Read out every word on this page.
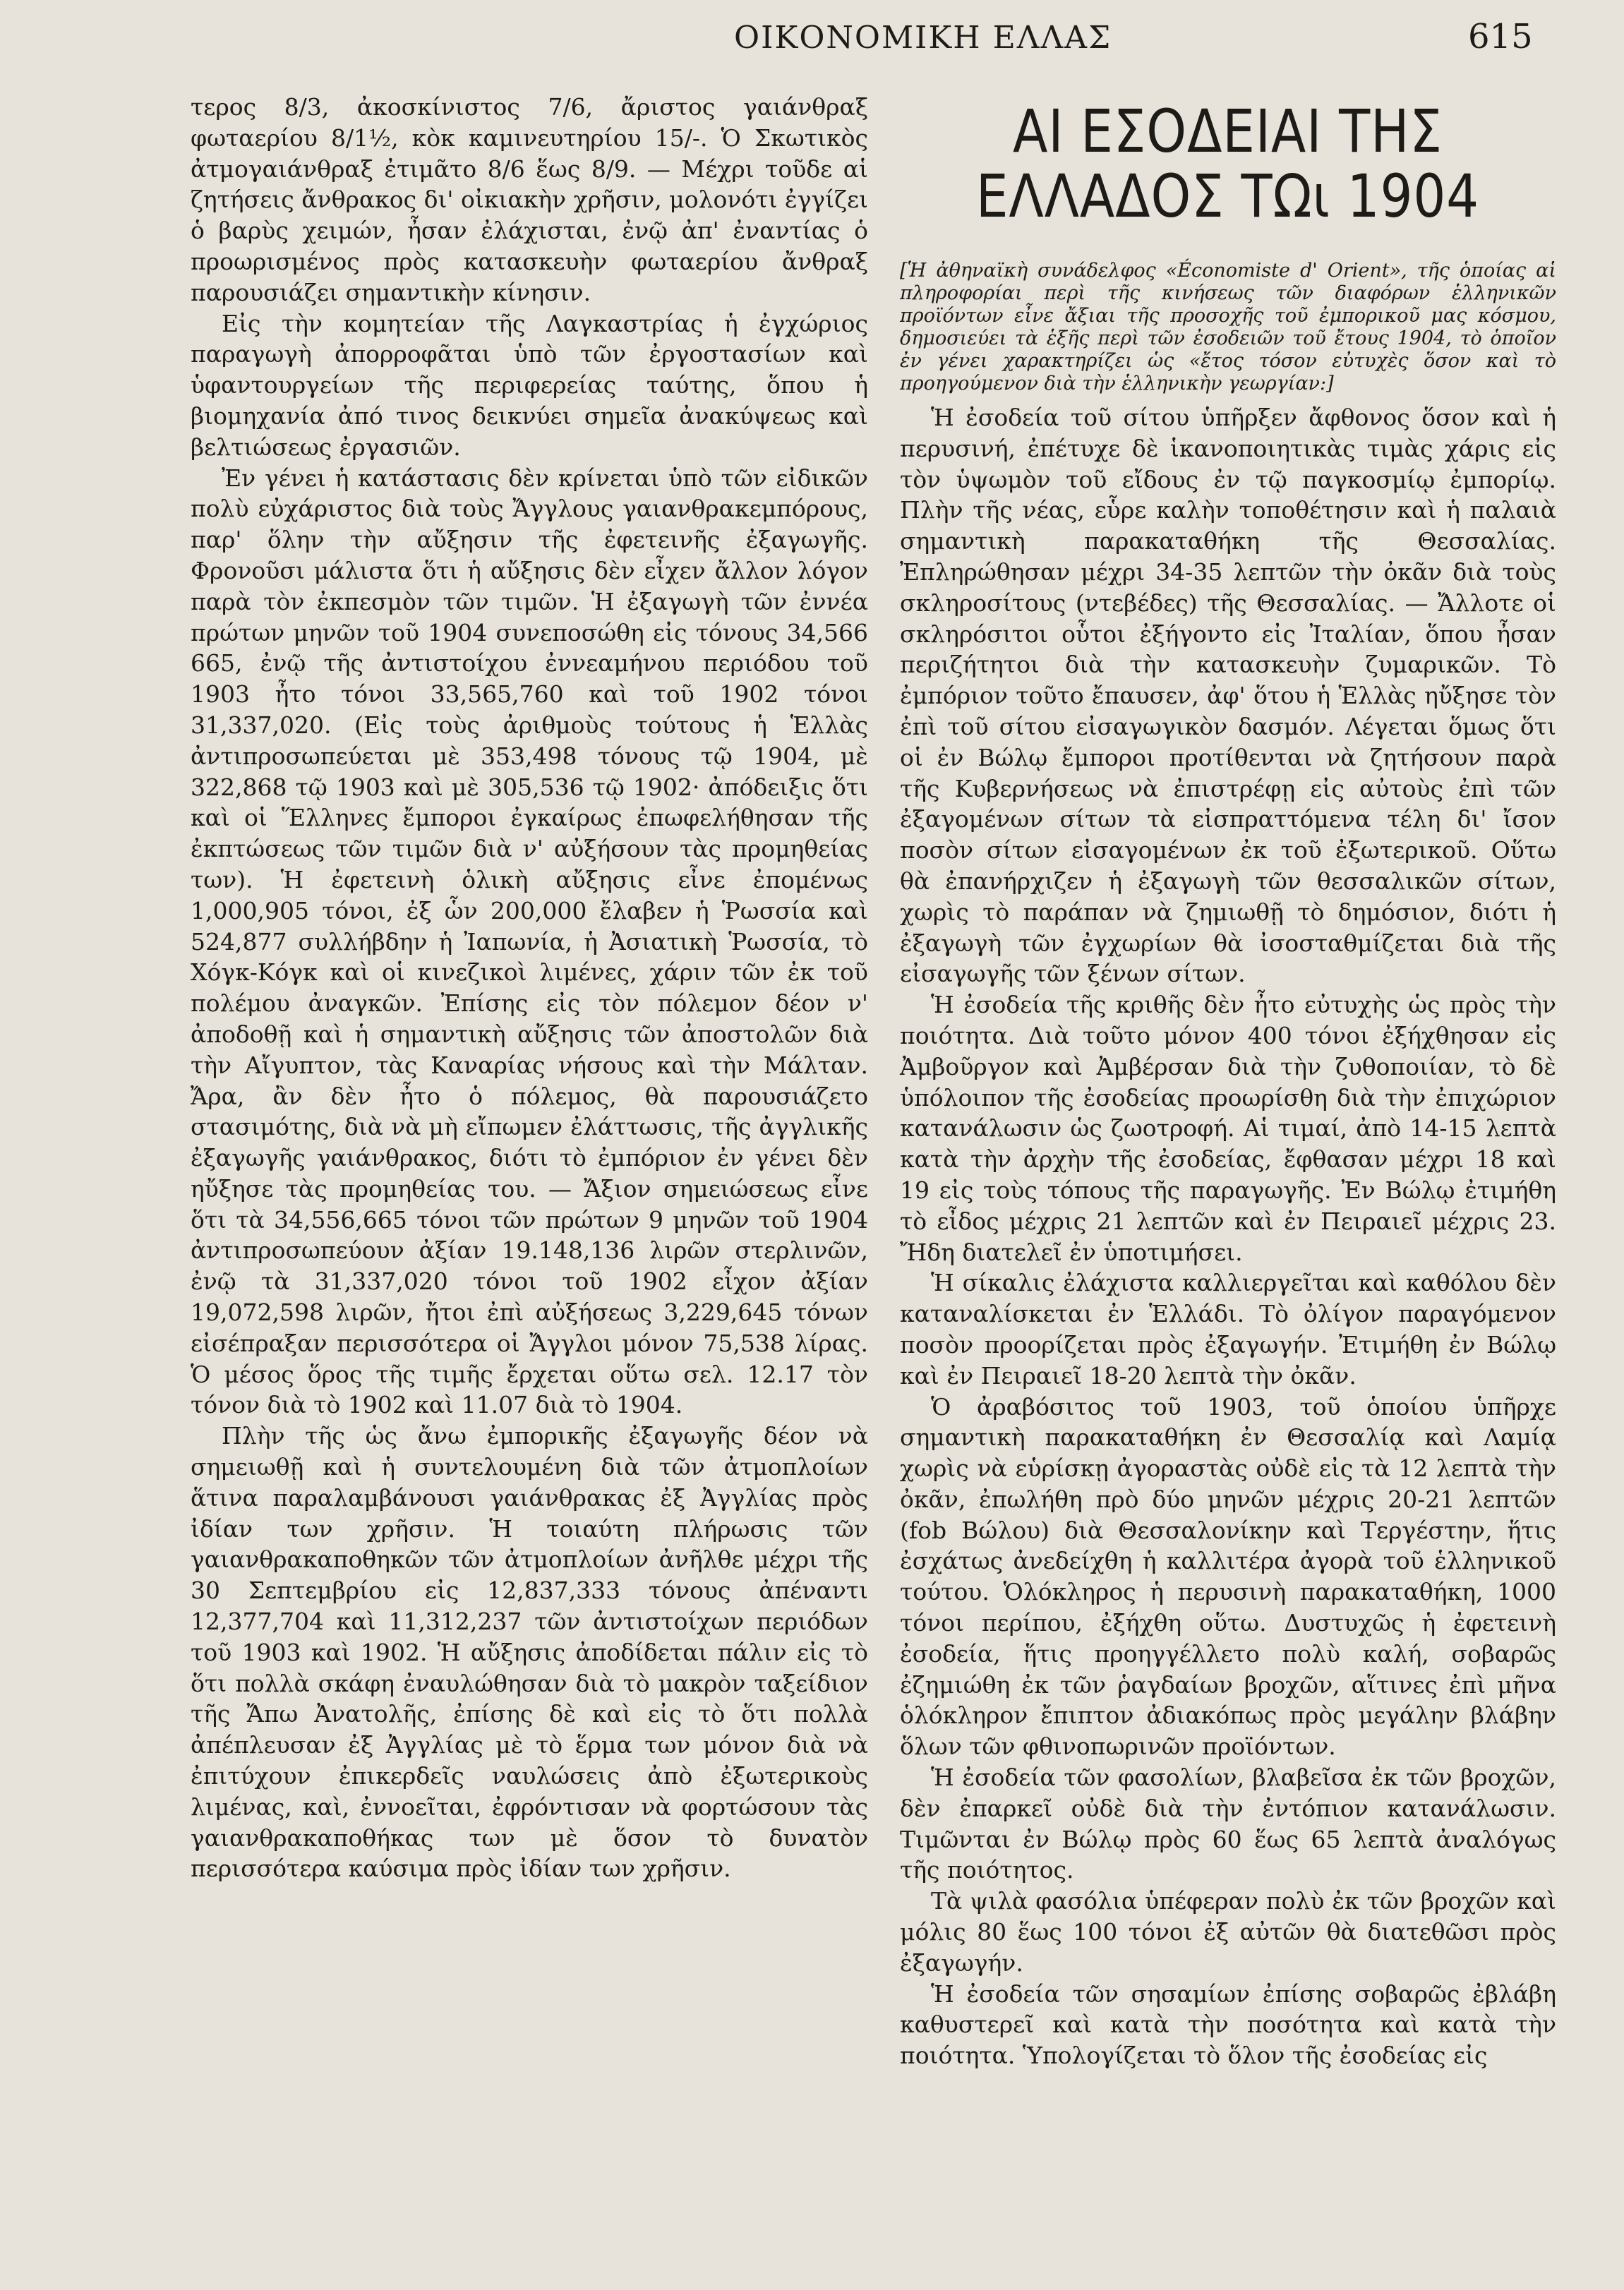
ΟΙΚΟΝΟΜΙΚΗ ΕΛΛΑΣ	615

τερος 8/3, ἀκοσκίνιστος 7/6, ἄριστος γαιάνθραξ φωταερίου 8/1½, κὸκ καμινευτηρίου 15/-. Ὁ Σκωτικὸς ἀτμογαιάνθραξ ἐτιμᾶτο 8/6 ἕως 8/9. — Μέχρι τοῦδε αἱ ζητήσεις ἄνθρακος δι' οἰκιακὴν χρῆσιν, μολονότι ἐγγίζει ὁ βαρὺς χειμών, ἦσαν ἐλάχισται, ἐνῷ ἀπ' ἐναντίας ὁ προωρισμένος πρὸς κατασκευὴν φωταερίου ἄνθραξ παρουσιάζει σημαντικὴν κίνησιν.

Εἰς τὴν κομητείαν τῆς Λαγκαστρίας ἡ ἐγχώριος παραγωγὴ ἀπορροφᾶται ὑπὸ τῶν ἐργοστασίων καὶ ὑφαντουργείων τῆς περιφερείας ταύτης, ὅπου ἡ βιομηχανία ἀπό τινος δεικνύει σημεῖα ἀνακύψεως καὶ βελτιώσεως ἐργασιῶν.

Ἐν γένει ἡ κατάστασις δὲν κρίνεται ὑπὸ τῶν εἰδικῶν πολὺ εὐχάριστος διὰ τοὺς Ἄγγλους γαιανθρακεμπόρους, παρ' ὅλην τὴν αὔξησιν τῆς ἐφετεινῆς ἐξαγωγῆς. Φρονοῦσι μάλιστα ὅτι ἡ αὔξησις δὲν εἶχεν ἄλλον λόγον παρὰ τὸν ἐκπεσμὸν τῶν τιμῶν. Ἡ ἐξαγωγὴ τῶν ἐννέα πρώτων μηνῶν τοῦ 1904 συνεποσώθη εἰς τόνους 34,566 665, ἐνῷ τῆς ἀντιστοίχου ἐννεαμήνου περιόδου τοῦ 1903 ἦτο τόνοι 33,565,760 καὶ τοῦ 1902 τόνοι 31,337,020. (Εἰς τοὺς ἀριθμοὺς τούτους ἡ Ἑλλὰς ἀντιπροσωπεύεται μὲ 353,498 τόνους τῷ 1904, μὲ 322,868 τῷ 1903 καὶ μὲ 305,536 τῷ 1902· ἀπόδειξις ὅτι καὶ οἱ Ἕλληνες ἔμποροι ἐγκαίρως ἐπωφελήθησαν τῆς ἐκπτώσεως τῶν τιμῶν διὰ ν' αὐξήσουν τὰς προμηθείας των). Ἡ ἐφετεινὴ ὁλικὴ αὔξησις εἶνε ἐπομένως 1,000,905 τόνοι, ἐξ ὧν 200,000 ἔλαβεν ἡ Ῥωσσία καὶ 524,877 συλλήβδην ἡ Ἰαπωνία, ἡ Ἀσιατικὴ Ῥωσσία, τὸ Χόγκ-Κόγκ καὶ οἱ κινεζικοὶ λιμένες, χάριν τῶν ἐκ τοῦ πολέμου ἀναγκῶν. Ἐπίσης εἰς τὸν πόλεμον δέον ν' ἀποδοθῇ καὶ ἡ σημαντικὴ αὔξησις τῶν ἀποστολῶν διὰ τὴν Αἴγυπτον, τὰς Καναρίας νήσους καὶ τὴν Μάλταν. Ἄρα, ἂν δὲν ἦτο ὁ πόλεμος, θὰ παρουσιάζετο στασιμότης, διὰ νὰ μὴ εἴπωμεν ἐλάττωσις, τῆς ἀγγλικῆς ἐξαγωγῆς γαιάνθρακος, διότι τὸ ἐμπόριον ἐν γένει δὲν ηὔξησε τὰς προμηθείας του. — Ἄξιον σημειώσεως εἶνε ὅτι τὰ 34,556,665 τόνοι τῶν πρώτων 9 μηνῶν τοῦ 1904 ἀντιπροσωπεύουν ἀξίαν 19.148,136 λιρῶν στερλινῶν, ἐνῷ τὰ 31,337,020 τόνοι τοῦ 1902 εἶχον ἀξίαν 19,072,598 λιρῶν, ἤτοι ἐπὶ αὐξήσεως 3,229,645 τόνων εἰσέπραξαν περισσότερα οἱ Ἄγγλοι μόνον 75,538 λίρας. Ὁ μέσος ὅρος τῆς τιμῆς ἔρχεται οὕτω σελ. 12.17 τὸν τόνον διὰ τὸ 1902 καὶ 11.07 διὰ τὸ 1904.

Πλὴν τῆς ὡς ἄνω ἐμπορικῆς ἐξαγωγῆς δέον νὰ σημειωθῇ καὶ ἡ συντελουμένη διὰ τῶν ἀτμοπλοίων ἅτινα παραλαμβάνουσι γαιάνθρακας ἐξ Ἀγγλίας πρὸς ἰδίαν των χρῆσιν. Ἡ τοιαύτη πλήρωσις τῶν γαιανθρακαποθηκῶν τῶν ἀτμοπλοίων ἀνῆλθε μέχρι τῆς 30 Σεπτεμβρίου εἰς 12,837,333 τόνους ἀπέναντι 12,377,704 καὶ 11,312,237 τῶν ἀντιστοίχων περιόδων τοῦ 1903 καὶ 1902. Ἡ αὔξησις ἀποδίδεται πάλιν εἰς τὸ ὅτι πολλὰ σκάφη ἐναυλώθησαν διὰ τὸ μακρὸν ταξείδιον τῆς Ἄπω Ἀνατολῆς, ἐπίσης δὲ καὶ εἰς τὸ ὅτι πολλὰ ἀπέπλευσαν ἐξ Ἀγγλίας μὲ τὸ ἕρμα των μόνον διὰ νὰ ἐπιτύχουν ἐπικερδεῖς ναυλώσεις ἀπὸ ἐξωτερικοὺς λιμένας, καὶ, ἐννοεῖται, ἐφρόντισαν νὰ φορτώσουν τὰς γαιανθρακαποθήκας των μὲ ὅσον τὸ δυνατὸν περισσότερα καύσιμα πρὸς ἰδίαν των χρῆσιν.

ΑΙ ΕΣΟΔΕΙΑΙ ΤΗΣ ΕΛΛΑΔΟΣ ΤΩι 1904

[Ἡ ἀθηναϊκὴ συνάδελφος «Économiste d' Orient», τῆς ὁποίας αἱ πληροφορίαι περὶ τῆς κινήσεως τῶν διαφόρων ἑλληνικῶν προϊόντων εἶνε ἄξιαι τῆς προσοχῆς τοῦ ἐμπορικοῦ μας κόσμου, δημοσιεύει τὰ ἑξῆς περὶ τῶν ἐσοδειῶν τοῦ ἔτους 1904, τὸ ὁποῖον ἐν γένει χαρακτηρίζει ὡς «ἔτος τόσον εὐτυχὲς ὅσον καὶ τὸ προηγούμενον διὰ τὴν ἑλληνικὴν γεωργίαν:]

Ἡ ἐσοδεία τοῦ σίτου ὑπῆρξεν ἄφθονος ὅσον καὶ ἡ περυσινή, ἐπέτυχε δὲ ἱκανοποιητικὰς τιμὰς χάρις εἰς τὸν ὑψωμὸν τοῦ εἴδους ἐν τῷ παγκοσμίῳ ἐμπορίῳ. Πλὴν τῆς νέας, εὗρε καλὴν τοποθέτησιν καὶ ἡ παλαιὰ σημαντικὴ παρακαταθήκη τῆς Θεσσαλίας. Ἐπληρώθησαν μέχρι 34-35 λεπτῶν τὴν ὀκᾶν διὰ τοὺς σκληροσίτους (ντεβέδες) τῆς Θεσσαλίας. — Ἄλλοτε οἱ σκληρόσιτοι οὗτοι ἐξήγοντο εἰς Ἰταλίαν, ὅπου ἦσαν περιζήτητοι διὰ τὴν κατασκευὴν ζυμαρικῶν. Τὸ ἐμπόριον τοῦτο ἔπαυσεν, ἀφ' ὅτου ἡ Ἑλλὰς ηὔξησε τὸν ἐπὶ τοῦ σίτου εἰσαγωγικὸν δασμόν. Λέγεται ὅμως ὅτι οἱ ἐν Βώλῳ ἔμποροι προτίθενται νὰ ζητήσουν παρὰ τῆς Κυβερνήσεως νὰ ἐπιστρέφῃ εἰς αὐτοὺς ἐπὶ τῶν ἐξαγομένων σίτων τὰ εἰσπραττόμενα τέλη δι' ἴσον ποσὸν σίτων εἰσαγομένων ἐκ τοῦ ἐξωτερικοῦ. Οὕτω θὰ ἐπανήρχιζεν ἡ ἐξαγωγὴ τῶν θεσσαλικῶν σίτων, χωρὶς τὸ παράπαν νὰ ζημιωθῇ τὸ δημόσιον, διότι ἡ ἐξαγωγὴ τῶν ἐγχωρίων θὰ ἰσοσταθμίζεται διὰ τῆς εἰσαγωγῆς τῶν ξένων σίτων.

Ἡ ἐσοδεία τῆς κριθῆς δὲν ἦτο εὐτυχὴς ὡς πρὸς τὴν ποιότητα. Διὰ τοῦτο μόνον 400 τόνοι ἐξήχθησαν εἰς Ἀμβοῦργον καὶ Ἀμβέρσαν διὰ τὴν ζυθοποιίαν, τὸ δὲ ὑπόλοιπον τῆς ἐσοδείας προωρίσθη διὰ τὴν ἐπιχώριον κατανάλωσιν ὡς ζωοτροφή. Αἱ τιμαί, ἀπὸ 14-15 λεπτὰ κατὰ τὴν ἀρχὴν τῆς ἐσοδείας, ἔφθασαν μέχρι 18 καὶ 19 εἰς τοὺς τόπους τῆς παραγωγῆς. Ἐν Βώλῳ ἐτιμήθη τὸ εἶδος μέχρις 21 λεπτῶν καὶ ἐν Πειραιεῖ μέχρις 23. Ἤδη διατελεῖ ἐν ὑποτιμήσει.

Ἡ σίκαλις ἐλάχιστα καλλιεργεῖται καὶ καθόλου δὲν καταναλίσκεται ἐν Ἑλλάδι. Τὸ ὀλίγον παραγόμενον ποσὸν προορίζεται πρὸς ἐξαγωγήν. Ἐτιμήθη ἐν Βώλῳ καὶ ἐν Πειραιεῖ 18-20 λεπτὰ τὴν ὀκᾶν.

Ὁ ἀραβόσιτος τοῦ 1903, τοῦ ὁποίου ὑπῆρχε σημαντικὴ παρακαταθήκη ἐν Θεσσαλίᾳ καὶ Λαμίᾳ χωρὶς νὰ εὑρίσκῃ ἀγοραστὰς οὐδὲ εἰς τὰ 12 λεπτὰ τὴν ὀκᾶν, ἐπωλήθη πρὸ δύο μηνῶν μέχρις 20-21 λεπτῶν (fob Βώλου) διὰ Θεσσαλονίκην καὶ Τεργέστην, ἥτις ἐσχάτως ἀνεδείχθη ἡ καλλιτέρα ἀγορὰ τοῦ ἑλληνικοῦ τούτου. Ὁλόκληρος ἡ περυσινὴ παρακαταθήκη, 1000 τόνοι περίπου, ἐξήχθη οὕτω. Δυστυχῶς ἡ ἐφετεινὴ ἐσοδεία, ἥτις προηγγέλλετο πολὺ καλή, σοβαρῶς ἐζημιώθη ἐκ τῶν ῥαγδαίων βροχῶν, αἵτινες ἐπὶ μῆνα ὁλόκληρον ἔπιπτον ἀδιακόπως πρὸς μεγάλην βλάβην ὅλων τῶν φθινοπωρινῶν προϊόντων.

Ἡ ἐσοδεία τῶν φασολίων, βλαβεῖσα ἐκ τῶν βροχῶν, δὲν ἐπαρκεῖ οὐδὲ διὰ τὴν ἐντόπιον κατανάλωσιν. Τιμῶνται ἐν Βώλῳ πρὸς 60 ἕως 65 λεπτὰ ἀναλόγως τῆς ποιότητος.

Τὰ ψιλὰ φασόλια ὑπέφεραν πολὺ ἐκ τῶν βροχῶν καὶ μόλις 80 ἕως 100 τόνοι ἐξ αὐτῶν θὰ διατεθῶσι πρὸς ἐξαγωγήν.

Ἡ ἐσοδεία τῶν σησαμίων ἐπίσης σοβαρῶς ἐβλάβη καθυστερεῖ καὶ κατὰ τὴν ποσότητα καὶ κατὰ τὴν ποιότητα. Ὑπολογίζεται τὸ ὅλον τῆς ἐσοδείας εἰς
